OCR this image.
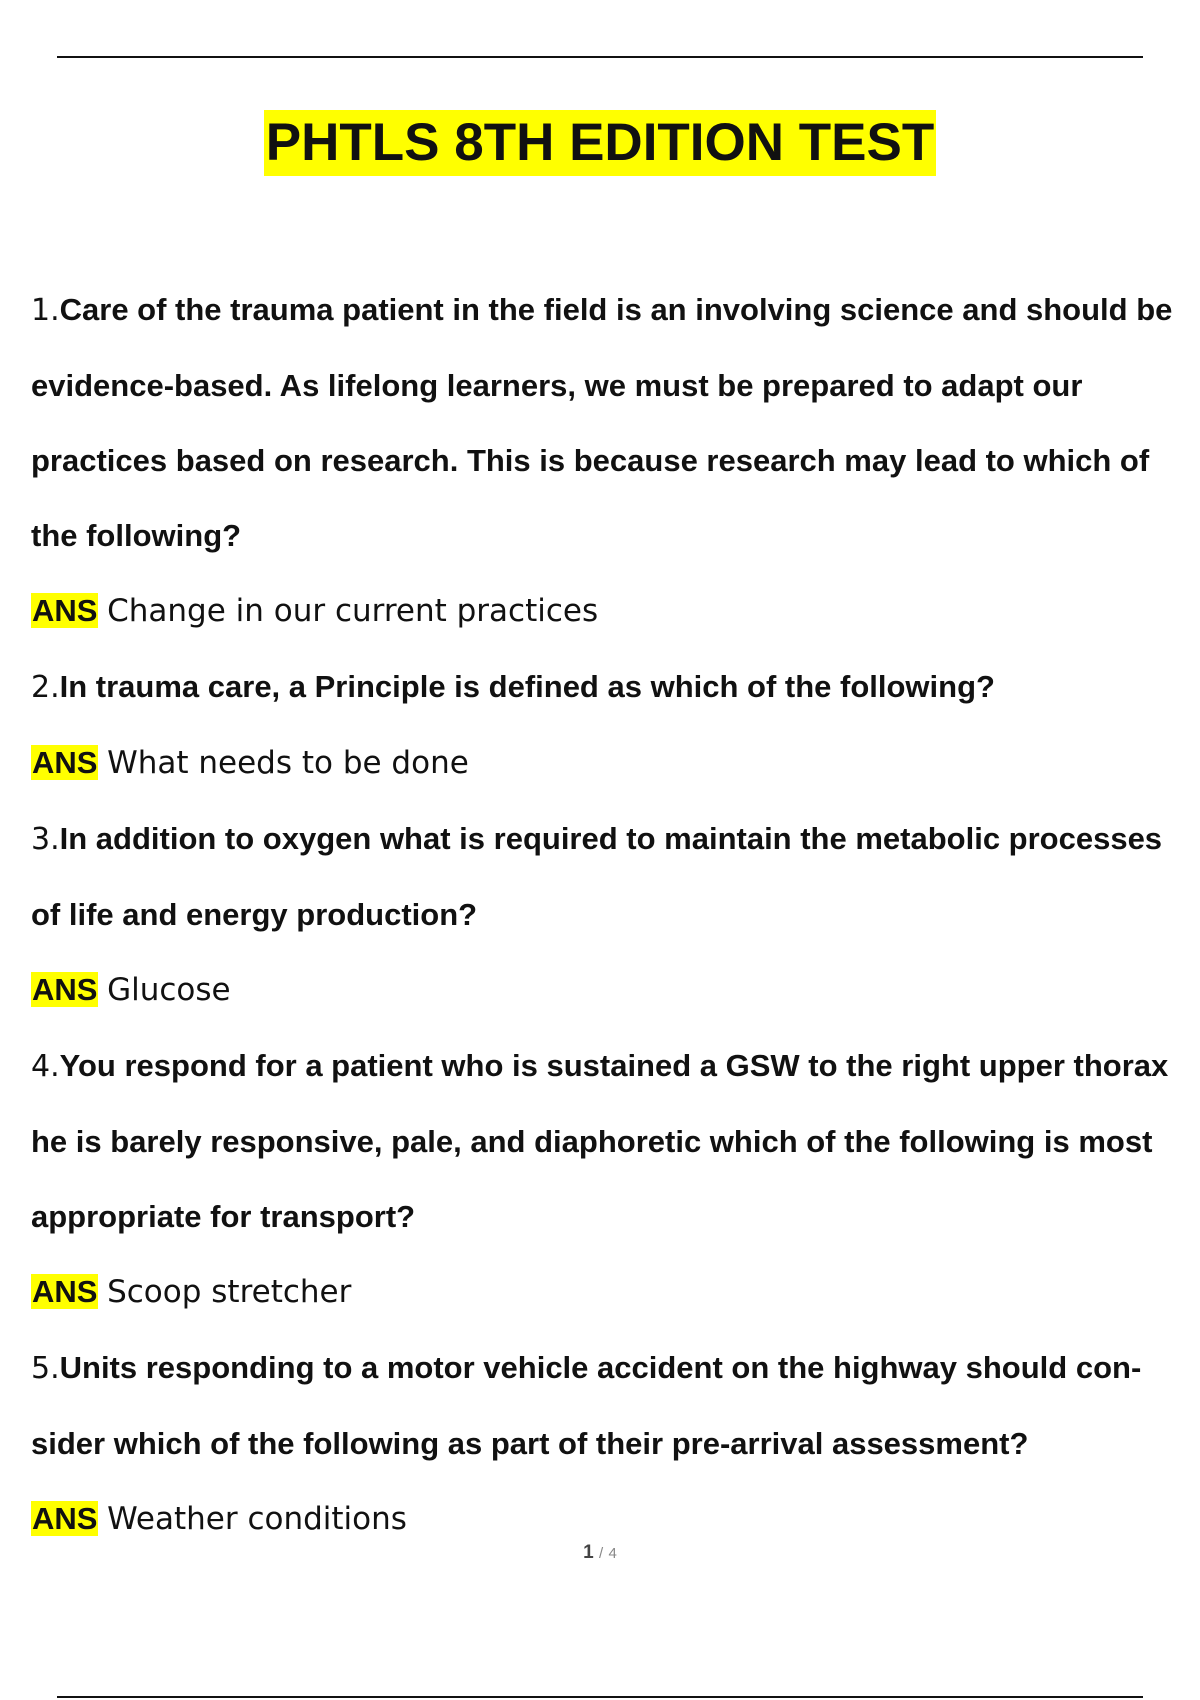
PHTLS 8TH EDITION TEST

1.Care of the trauma patient in the field is an involving science and should be evidence-based. As lifelong learners, we must be prepared to adapt our practices based on research. This is because research may lead to which of the following?

ANS Change in our current practices

2.In trauma care, a Principle is defined as which of the following?

ANS What needs to be done

3.In addition to oxygen what is required to maintain the metabolic processes of life and energy production?

ANS Glucose

4.You respond for a patient who is sustained a GSW to the right upper thorax he is barely responsive, pale, and diaphoretic which of the following is most appropriate for transport?

ANS Scoop stretcher

5.Units responding to a motor vehicle accident on the highway should con-sider which of the following as part of their pre-arrival assessment?

ANS Weather conditions

1 / 4
